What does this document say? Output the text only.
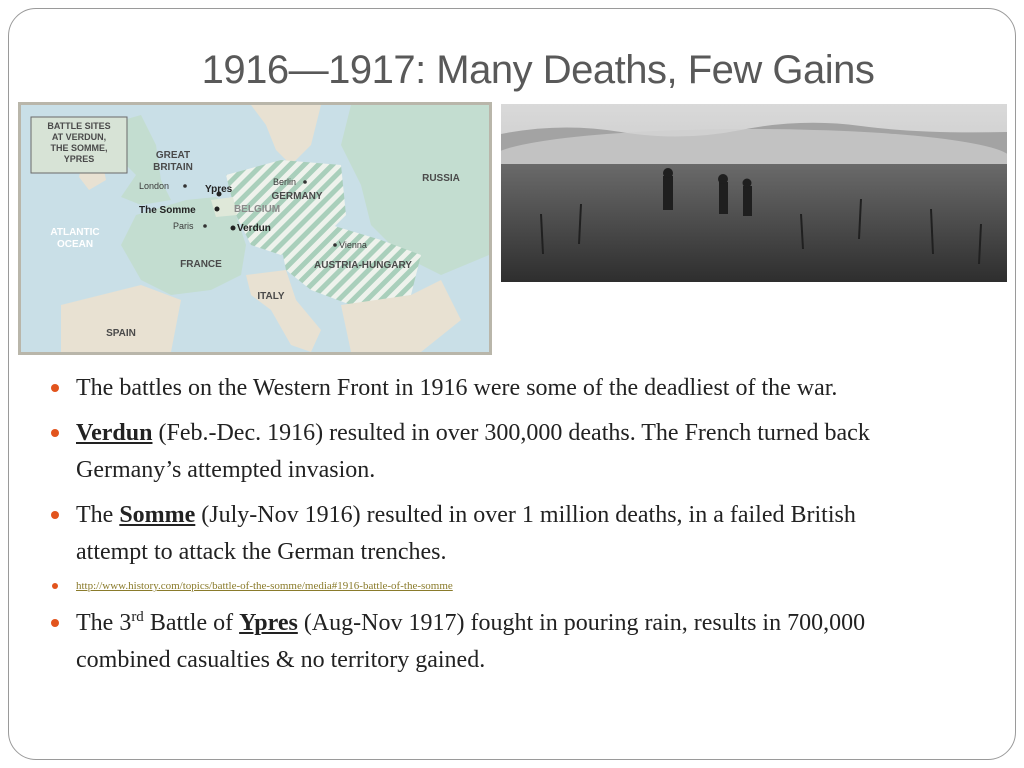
1916—1917: Many Deaths, Few Gains
BATTLE SITES
AT VERDUN,
THE SOMME,
YPRES	GREAT
BRITAIN
RUSSIA
GERMANY
BELGIUM
ATLANTIC
OCEAN
FRANCE	AUSTRIA-HUNGARY
ITALY
SPAIN
London	Berlin
Paris
Vienna
Ypres
The Somme
Verdun
The battles on the Western Front in 1916 were some of the deadliest of the war.
Verdun (Feb.-Dec. 1916) resulted in over 300,000 deaths. The French turned back Germany’s attempted invasion.
The Somme (July-Nov 1916) resulted in over 1 million deaths, in a failed British attempt to attack the German trenches.
http://www.history.com/topics/battle-of-the-somme/media#1916-battle-of-the-somme
The 3rd Battle of Ypres (Aug-Nov 1917) fought in pouring rain, results in 700,000 combined casualties & no territory gained.
